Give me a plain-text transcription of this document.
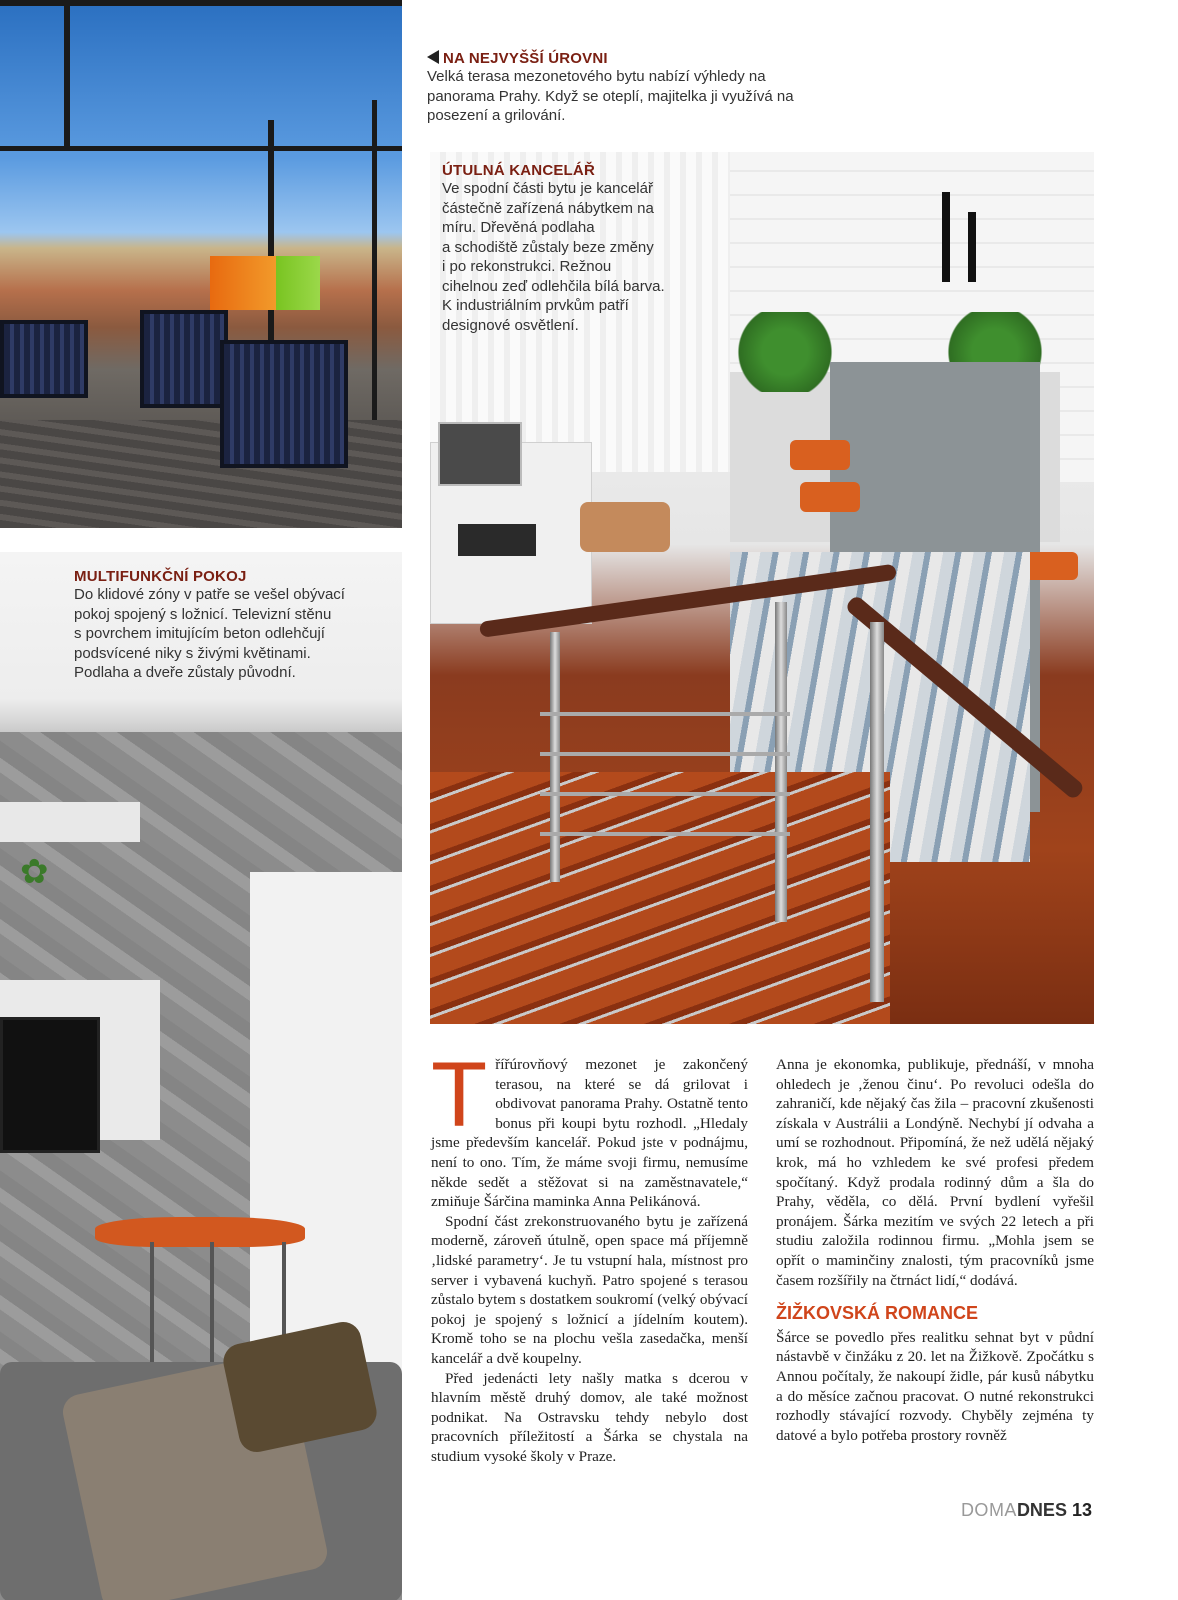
✿
NA NEJVYŠŠÍ ÚROVNI
Velká terasa mezonetového bytu nabízí výhledy na
panorama Prahy. Když se oteplí, majitelka ji využívá na
posezení a grilování.
ÚTULNÁ KANCELÁŘ
Ve spodní části bytu je kancelář
částečně zařízená nábytkem na
míru. Dřevěná podlaha
a schodiště zůstaly beze změny
i po rekonstrukci. Režnou
cihelnou zeď odlehčila bílá barva.
K industriálním prvkům patří
designové osvětlení.
MULTIFUNKČNÍ POKOJ
Do klidové zóny v patře se vešel obývací
pokoj spojený s ložnicí. Televizní stěnu
s povrchem imitujícím beton odlehčují
podsvícené niky s živými květinami.
Podlaha a dveře zůstaly původní.

Třířúrovňový mezonet je zakončený terasou, na které se dá grilovat i obdivovat panorama Prahy. Ostatně tento bonus při koupi bytu rozhodl. „Hledaly jsme především kancelář. Pokud jste v podnájmu, není to ono. Tím, že máme svoji firmu, nemusíme někde sedět a stěžovat si na zaměstnavatele,“ zmiňuje Šárčina maminka Anna Pelikánová.

Spodní část zrekonstruovaného bytu je zařízená moderně, zároveň útulně, open space má příjemně ‚lidské parametry‘. Je tu vstupní hala, místnost pro server i vybavená kuchyň. Patro spojené s terasou zůstalo bytem s dostatkem soukromí (velký obývací pokoj je spojený s ložnicí a jídelním koutem). Kromě toho se na plochu vešla zasedačka, menší kancelář a dvě koupelny.

Před jedenácti lety našly matka s dcerou v hlavním městě druhý domov, ale také možnost podnikat. Na Ostravsku tehdy nebylo dost pracovních příležitostí a Šárka se chystala na studium vysoké školy v Praze.

Anna je ekonomka, publikuje, přednáší, v mnoha ohledech je ‚ženou činu‘. Po revoluci odešla do zahraničí, kde nějaký čas žila – pracovní zkušenosti získala v Austrálii a Londýně. Nechybí jí odvaha a umí se rozhodnout. Připomíná, že než udělá nějaký krok, má ho vzhledem ke své profesi předem spočítaný. Když prodala rodinný dům a šla do Prahy, věděla, co dělá. První bydlení vyřešil pronájem. Šárka mezitím ve svých 22 letech a při studiu založila rodinnou firmu. „Mohla jsem se opřít o maminčiny znalosti, tým pracovníků jsme časem rozšířily na čtrnáct lidí,“ dodává.

ŽIŽKOVSKÁ ROMANCE

Šárce se povedlo přes realitku sehnat byt v půdní nástavbě v činžáku z 20. let na Žižkově. Zpočátku s Annou počítaly, že nakoupí židle, pár kusů nábytku a do měsíce začnou pracovat. O nutné rekonstrukci rozhodly stávající rozvody. Chyběly zejména ty datové a bylo potřeba prostory rovněž

DOMADNES 13
